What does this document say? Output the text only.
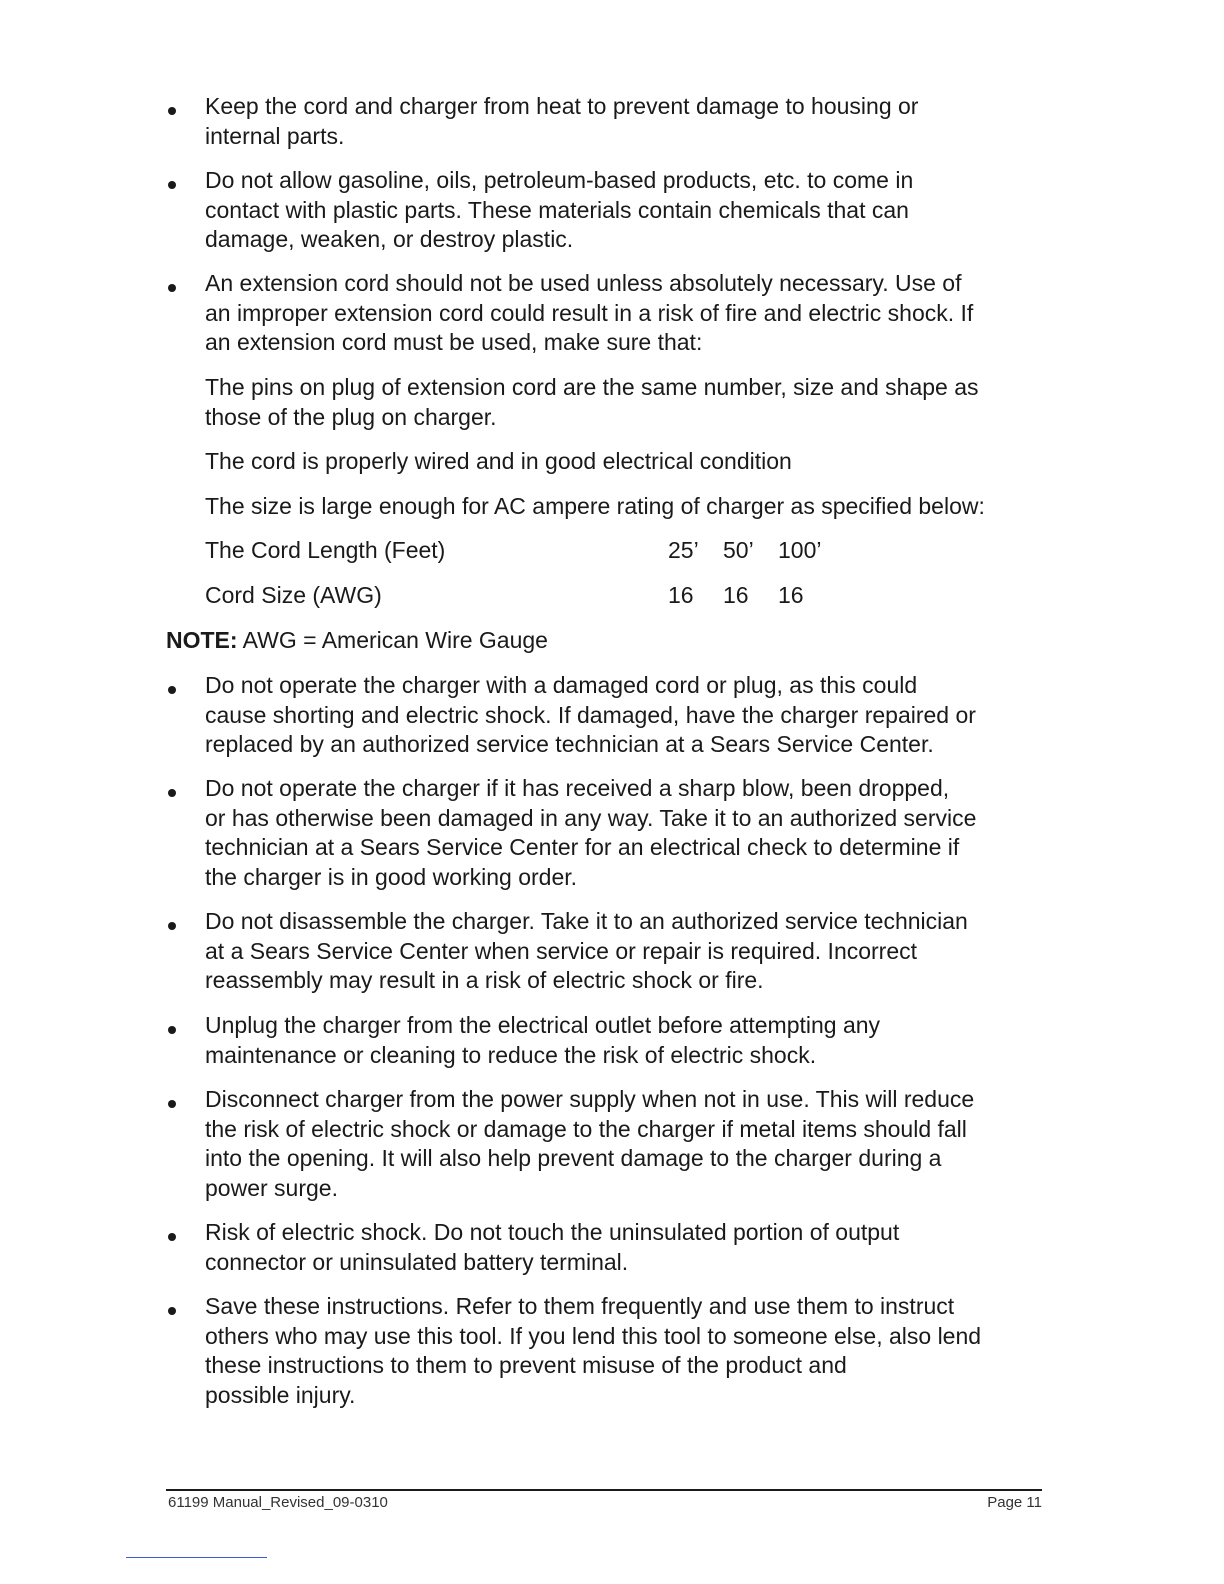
Keep the cord and charger from heat to prevent damage to housing or
internal parts.
Do not allow gasoline, oils, petroleum-based products, etc. to come in
contact with plastic parts. These materials contain chemicals that can
damage, weaken, or destroy plastic.
An extension cord should not be used unless absolutely necessary. Use of
an improper extension cord could result in a risk of fire and electric shock. If
an extension cord must be used, make sure that:
The pins on plug of extension cord are the same number, size and shape as
those of the plug on charger.
The cord is properly wired and in good electrical condition
The size is large enough for AC ampere rating of charger as specified below:
The Cord Length (Feet)	25’ 50’ 100’
Cord Size (AWG)	16 16 16
NOTE: AWG = American Wire Gauge
Do not operate the charger with a damaged cord or plug, as this could
cause shorting and electric shock. If damaged, have the charger repaired or
replaced by an authorized service technician at a Sears Service Center.
Do not operate the charger if it has received a sharp blow, been dropped,
or has otherwise been damaged in any way. Take it to an authorized service
technician at a Sears Service Center for an electrical check to determine if
the charger is in good working order.
Do not disassemble the charger. Take it to an authorized service technician
at a Sears Service Center when service or repair is required. Incorrect
reassembly may result in a risk of electric shock or fire.
Unplug the charger from the electrical outlet before attempting any
maintenance or cleaning to reduce the risk of electric shock.
Disconnect charger from the power supply when not in use. This will reduce
the risk of electric shock or damage to the charger if metal items should fall
into the opening. It will also help prevent damage to the charger during a
power surge.
Risk of electric shock. Do not touch the uninsulated portion of output
connector or uninsulated battery terminal.
Save these instructions. Refer to them frequently and use them to instruct
others who may use this tool. If you lend this tool to someone else, also lend
these instructions to them to prevent misuse of the product and
possible injury.
61199 Manual_Revised_09-0310	Page 11
